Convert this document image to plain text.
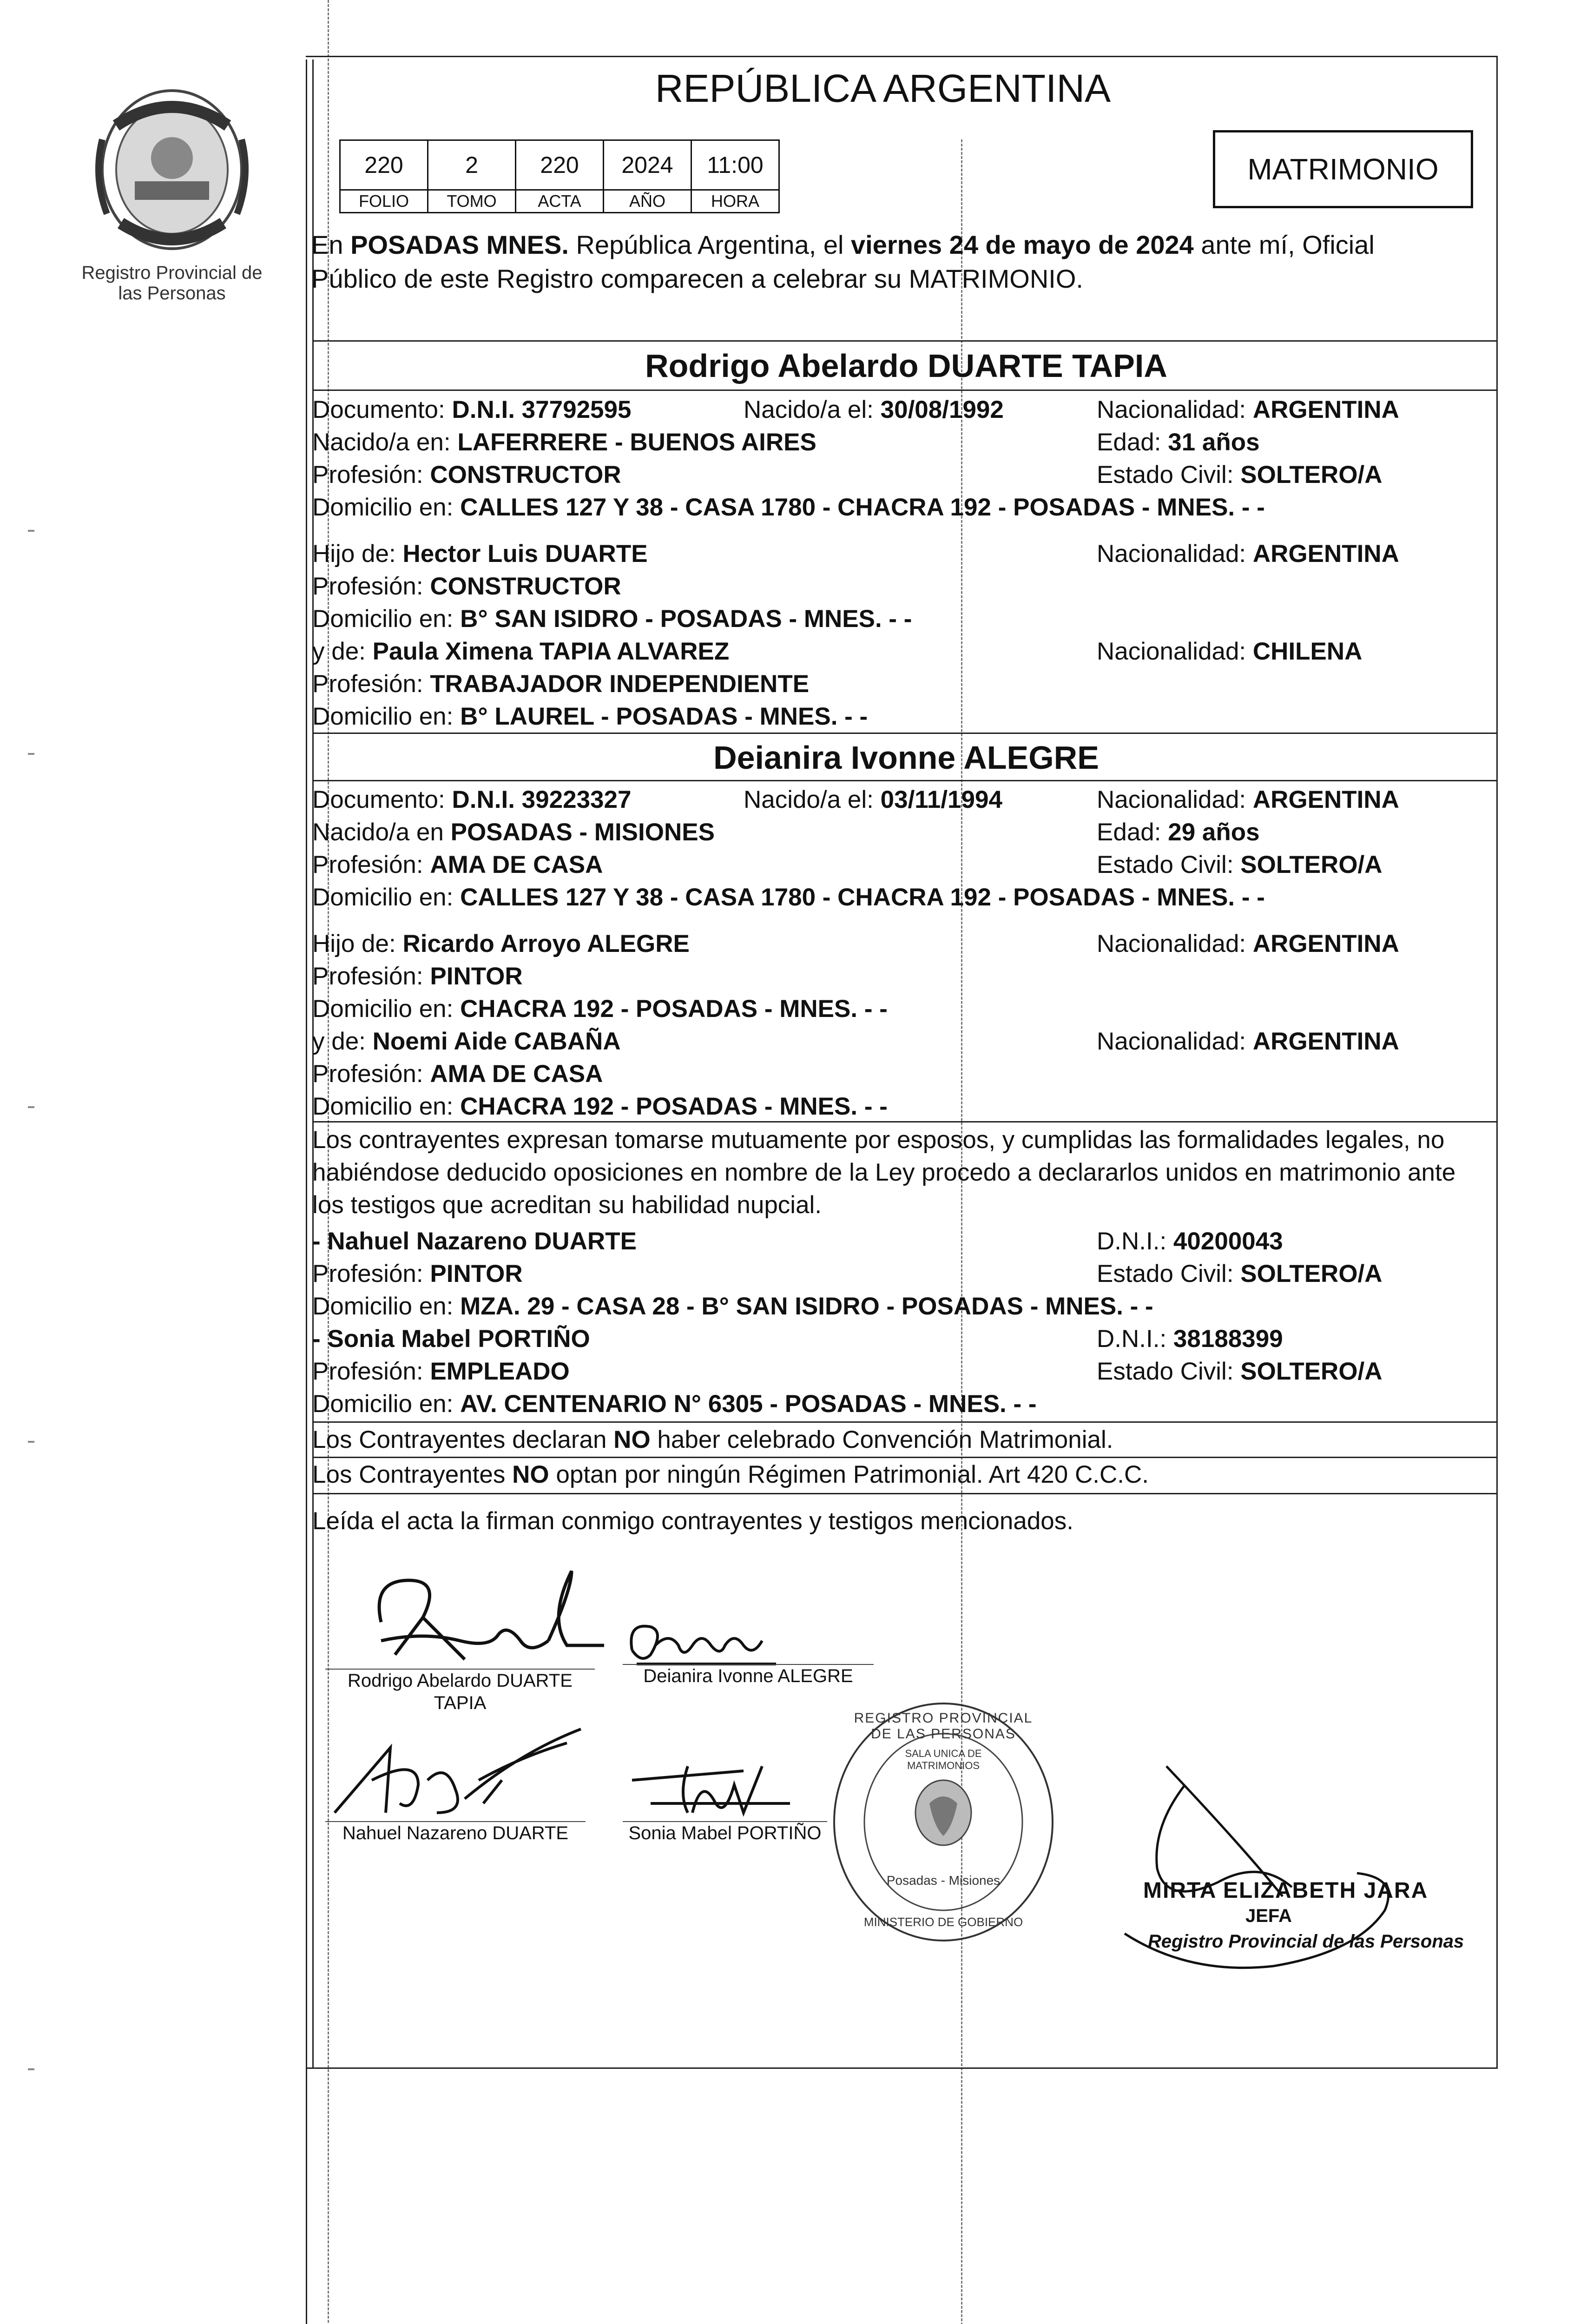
Registro Provincial de las Personas
REPÚBLICA ARGENTINA
220	2	220	2024	11:00
FOLIO	TOMO	ACTA	AÑO	HORA
MATRIMONIO
En POSADAS MNES. República Argentina, el viernes 24 de mayo de 2024 ante mí, Oficial
Público de este Registro comparecen a celebrar su MATRIMONIO.
Rodrigo Abelardo DUARTE TAPIA
Documento: D.N.I. 37792595	Nacido/a el: 30/08/1992	Nacionalidad: ARGENTINA
Nacido/a en: LAFERRERE - BUENOS AIRES	Edad: 31 años
Profesión: CONSTRUCTOR	Estado Civil: SOLTERO/A
Domicilio en: CALLES 127 Y 38 - CASA 1780 - CHACRA 192 - POSADAS - MNES. - -
Hijo de: Hector Luis DUARTE	Nacionalidad: ARGENTINA
Profesión: CONSTRUCTOR
Domicilio en: B° SAN ISIDRO - POSADAS - MNES. - -
y de: Paula Ximena TAPIA ALVAREZ	Nacionalidad: CHILENA
Profesión: TRABAJADOR INDEPENDIENTE
Domicilio en: B° LAUREL - POSADAS - MNES. - -
Deianira Ivonne ALEGRE
Documento: D.N.I. 39223327	Nacido/a el: 03/11/1994	Nacionalidad: ARGENTINA
Nacido/a en POSADAS - MISIONES	Edad: 29 años
Profesión: AMA DE CASA	Estado Civil: SOLTERO/A
Domicilio en: CALLES 127 Y 38 - CASA 1780 - CHACRA 192 - POSADAS - MNES. - -
Hijo de: Ricardo Arroyo ALEGRE	Nacionalidad: ARGENTINA
Profesión: PINTOR
Domicilio en: CHACRA 192 - POSADAS - MNES. - -
y de: Noemi Aide CABAÑA	Nacionalidad: ARGENTINA
Profesión: AMA DE CASA
Domicilio en: CHACRA 192 - POSADAS - MNES. - -
Los contrayentes expresan tomarse mutuamente por esposos, y cumplidas las formalidades legales, no
habiéndose deducido oposiciones en nombre de la Ley procedo a declararlos unidos en matrimonio ante
los testigos que acreditan su habilidad nupcial.
- Nahuel Nazareno DUARTE	D.N.I.: 40200043
Profesión: PINTOR	Estado Civil: SOLTERO/A
Domicilio en: MZA. 29 - CASA 28 - B° SAN ISIDRO - POSADAS - MNES. - -
- Sonia Mabel PORTIÑO	D.N.I.: 38188399
Profesión: EMPLEADO	Estado Civil: SOLTERO/A
Domicilio en: AV. CENTENARIO N° 6305 - POSADAS - MNES. - -
Los Contrayentes declaran NO haber celebrado Convención Matrimonial.
Los Contrayentes NO optan por ningún Régimen Patrimonial. Art 420 C.C.C.
Leída el acta la firman conmigo contrayentes y testigos mencionados.
Rodrigo Abelardo DUARTE
TAPIA
Deianira Ivonne ALEGRE
Nahuel Nazareno DUARTE	Sonia Mabel PORTIÑO
REGISTRO PROVINCIAL DE LAS PERSONAS
SALA UNICA DE MATRIMONIOS
Posadas - Misiones
MINISTERIO DE GOBIERNO
MIRTA ELIZABETH JARA
JEFA
Registro Provincial de las Personas
